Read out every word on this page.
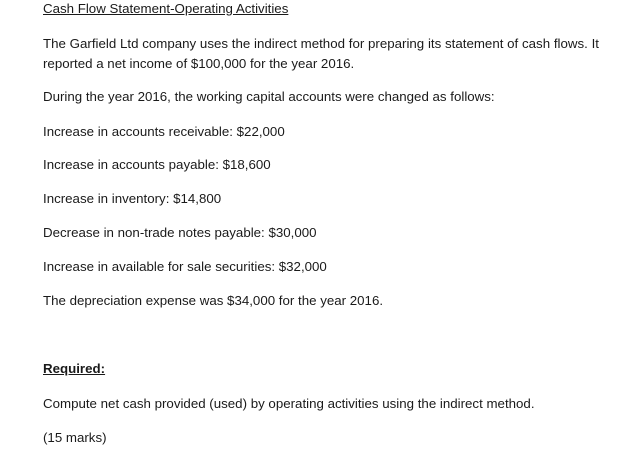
Cash Flow Statement-Operating Activities
The Garfield Ltd company uses the indirect method for preparing its statement of cash flows. It reported a net income of $100,000 for the year 2016.
During the year 2016, the working capital accounts were changed as follows:
Increase in accounts receivable: $22,000
Increase in accounts payable: $18,600
Increase in inventory: $14,800
Decrease in non-trade notes payable: $30,000
Increase in available for sale securities: $32,000
The depreciation expense was $34,000 for the year 2016.
Required:
Compute net cash provided (used) by operating activities using the indirect method.
(15 marks)
